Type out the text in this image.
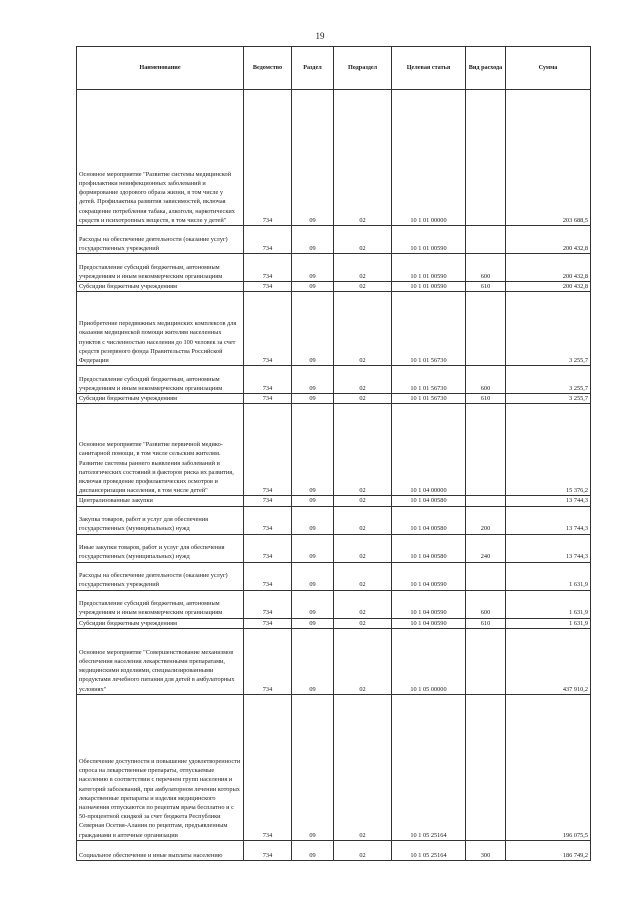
19
Наименование	Ведомство	Раздел	Подраздел	Целевая статья	Вид расхода	Сумма
Основное мероприятие "Развитие системы медицинской профилактики неинфекционных заболеваний и формирование здорового образа жизни, в том числе у детей. Профилактика развития зависимостей, включая сокращение потребления табака, алкоголя, наркотических средств и психотропных веществ, в том числе у детей"	734	09	02	10 1 01 00000		203 688,5
Расходы на обеспечение деятельности (оказание услуг) государственных учреждений	734	09	02	10 1 01 00590		200 432,8
Предоставление субсидий бюджетным, автономным учреждениям и иным некоммерческим организациям	734	09	02	10 1 01 00590	600	200 432,8
Субсидии бюджетным учреждениям	734	09	02	10 1 01 00590	610	200 432,8
Приобретение передвижных медицинских комплексов для оказания медицинской помощи жителям населенных пунктов с численностью населения до 100 человек за счет средств резервного фонда Правительства Российской Федерации	734	09	02	10 1 01 56730		3 255,7
Предоставление субсидий бюджетным, автономным учреждениям и иным некоммерческим организациям	734	09	02	10 1 01 56730	600	3 255,7
Субсидии бюджетным учреждениям	734	09	02	10 1 01 56730	610	3 255,7
Основное мероприятие "Развитие первичной медико-санитарной помощи, в том числе сельским жителям. Развитие системы раннего выявления заболеваний и патологических состояний и факторов риска их развития, включая проведение профилактических осмотров и диспансеризации населения, в том числе детей"	734	09	02	10 1 04 00000		15 376,2
Централизованные закупки	734	09	02	10 1 04 00580		13 744,3
Закупка товаров, работ и услуг для обеспечения государственных (муниципальных) нужд	734	09	02	10 1 04 00580	200	13 744,3
Иные закупки товаров, работ и услуг для обеспечения государственных (муниципальных) нужд	734	09	02	10 1 04 00580	240	13 744,3
Расходы на обеспечение деятельности (оказание услуг) государственных учреждений	734	09	02	10 1 04 00590		1 631,9
Предоставление субсидий бюджетным, автономным учреждениям и иным некоммерческим организациям	734	09	02	10 1 04 00590	600	1 631,9
Субсидии бюджетным учреждениям	734	09	02	10 1 04 00590	610	1 631,9
Основное мероприятие "Совершенствование механизмов обеспечения населения лекарственными препаратами, медицинскими изделиями, специализированными продуктами лечебного питания для детей в амбулаторных условиях"	734	09	02	10 1 05 00000		437 910,2
Обеспечение доступности и повышение удовлетворенности спроса на лекарственные препараты, отпускаемые населению в соответствии с перечнем групп населения и категорий заболеваний, при амбулаторном лечении которых лекарственные препараты и изделия медицинского назначения отпускаются по рецептам врача бесплатно и с 50-процентной скидкой за счет бюджета Республики Северная Осетия-Алания по рецептам, предъявленным гражданами в аптечные организации	734	09	02	10 1 05 25164		196 075,5
Социальное обеспечение и иные выплаты населению	734	09	02	10 1 05 25164	300	186 749,2
